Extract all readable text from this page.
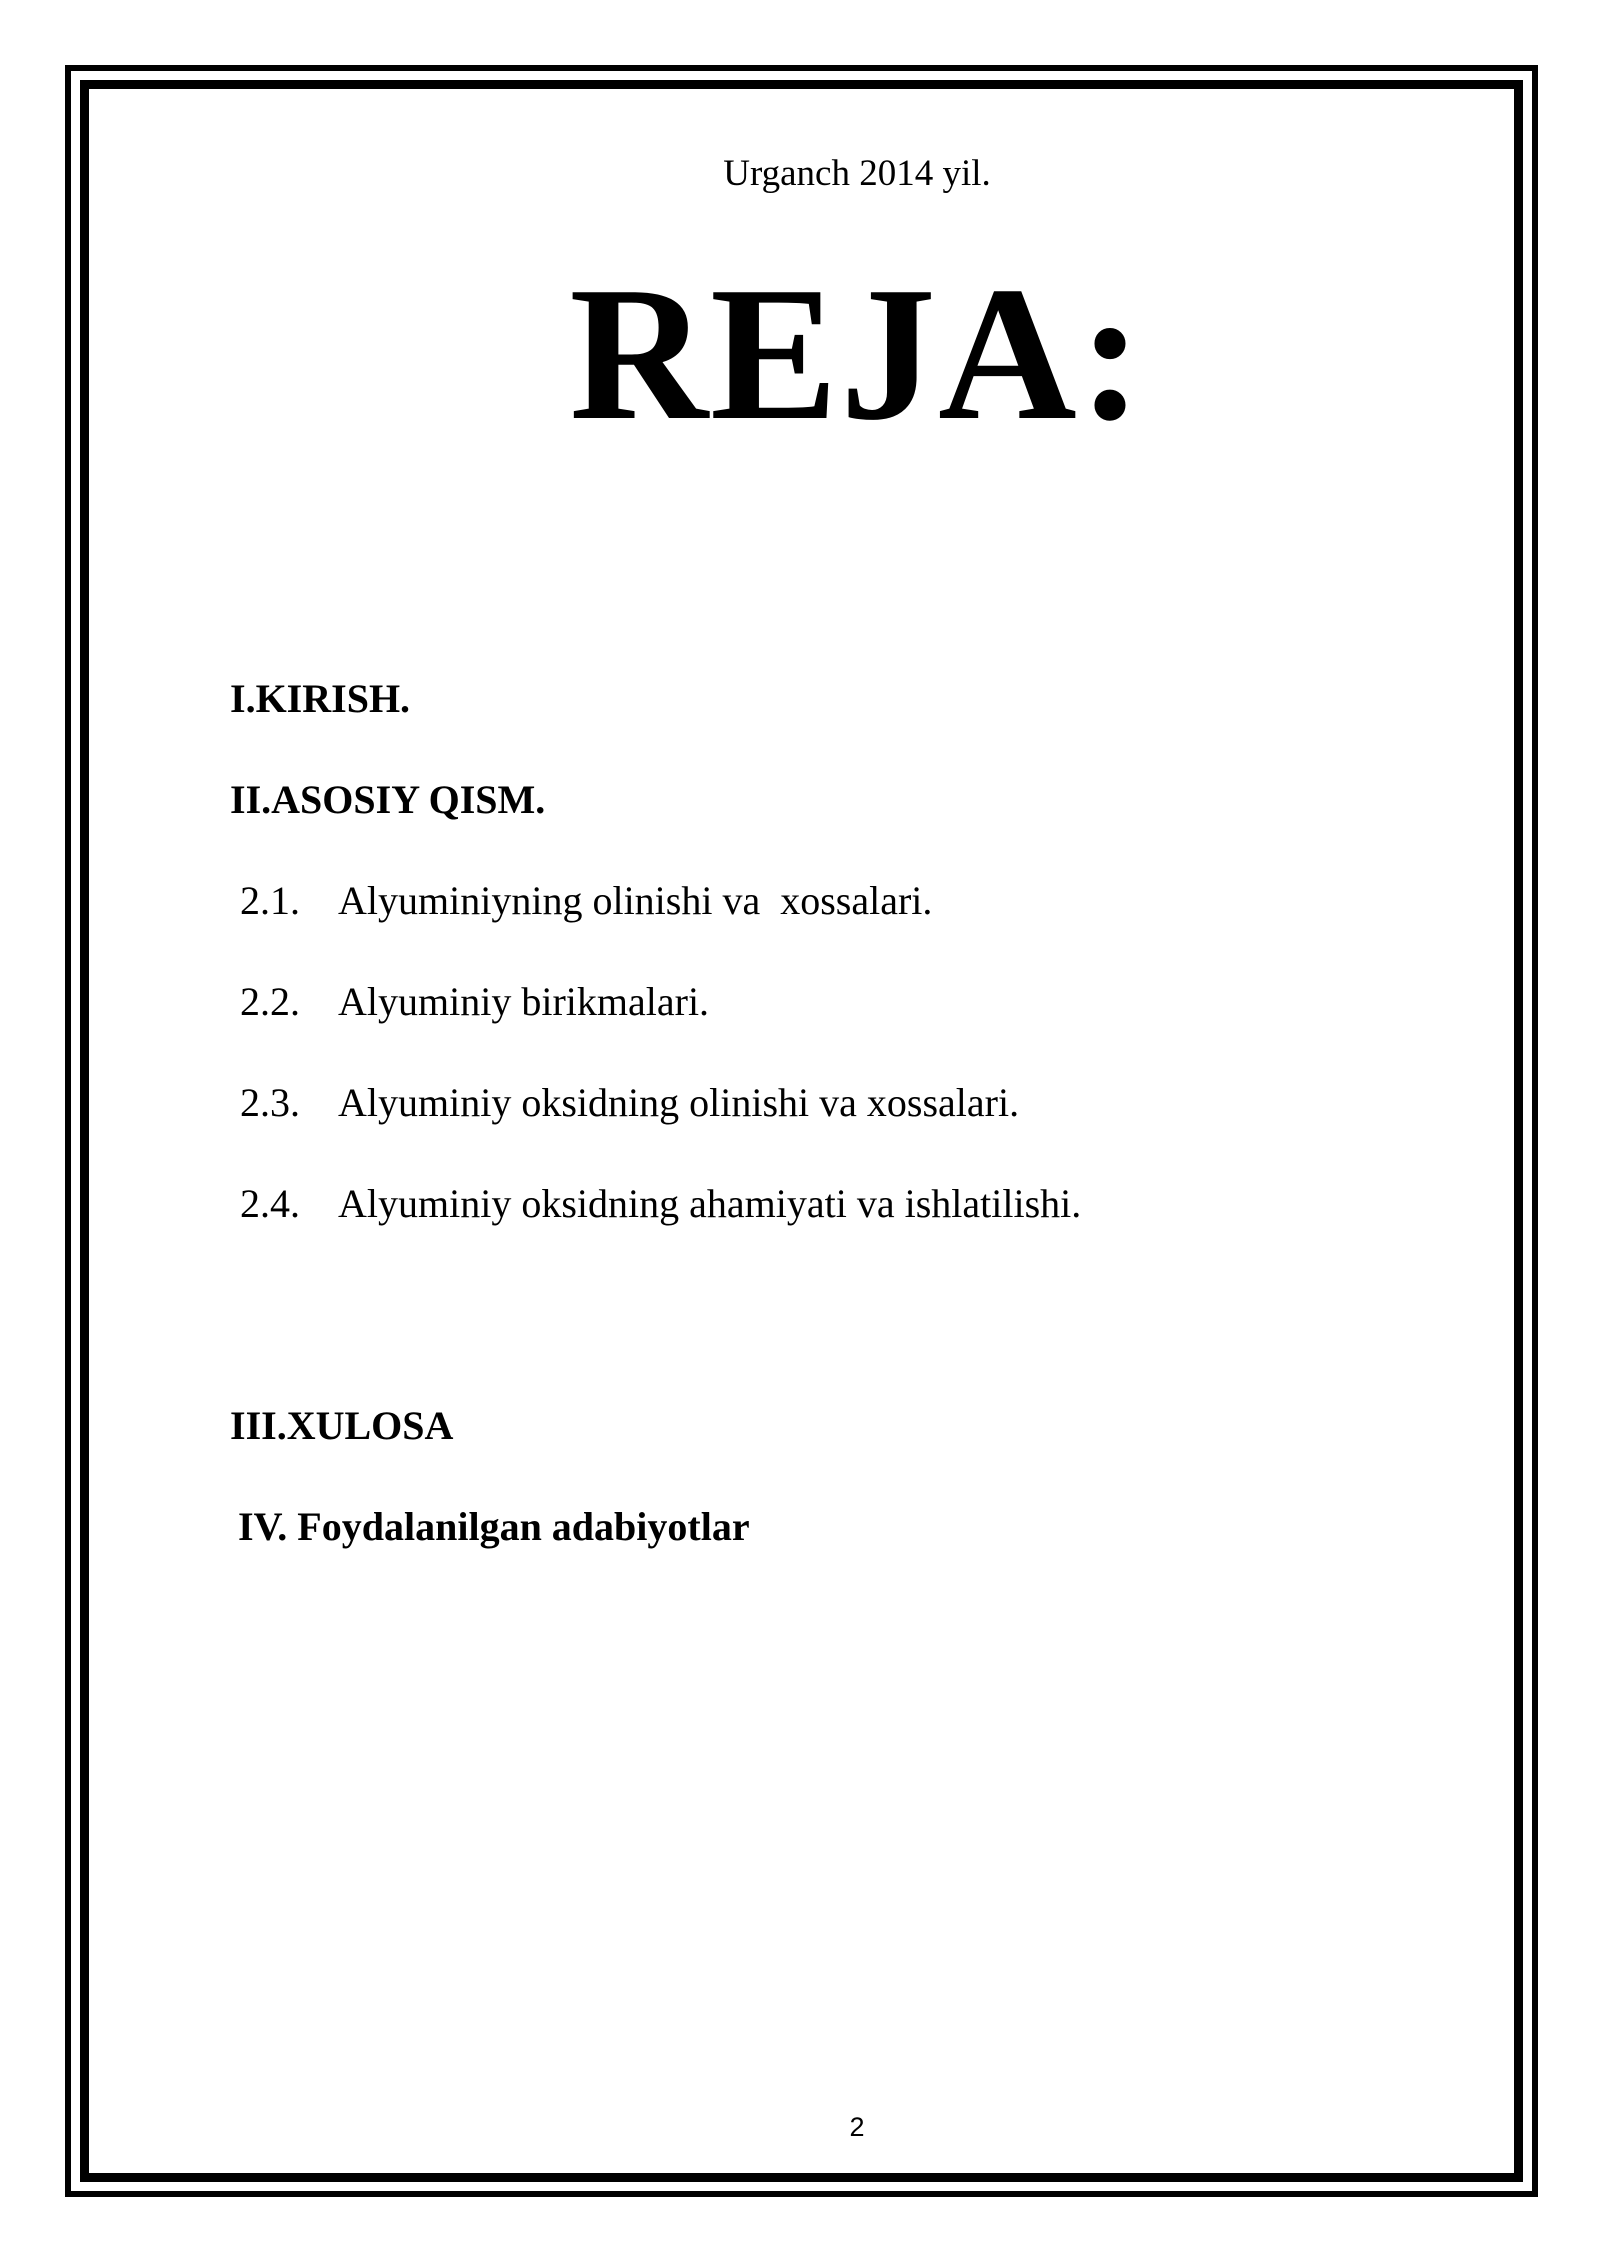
Urganch 2014 yil.
REJA:
I.KIRISH.
II.ASOSIY QISM.
2.1. Alyuminiyning olinishi va  xossalari.
2.2. Alyuminiy birikmalari.
2.3. Alyuminiy oksidning olinishi va xossalari.
2.4. Alyuminiy oksidning ahamiyati va ishlatilishi.
III.XULOSA
IV. Foydalanilgan adabiyotlar
2
